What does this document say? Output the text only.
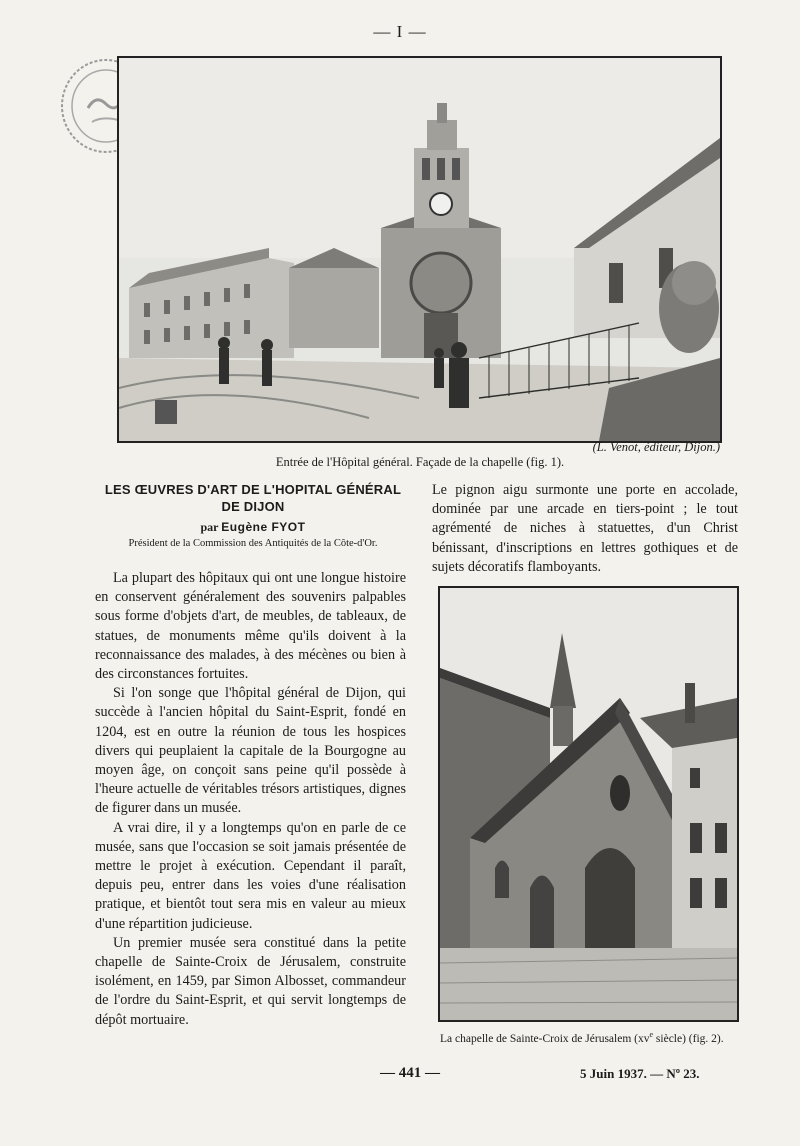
— I —
(L. Venot, éditeur, Dijon.)
Entrée de l'Hôpital général. Façade de la chapelle (fig. 1).
LES ŒUVRES D'ART DE L'HOPITAL GÉNÉRAL DE DIJON
par Eugène FYOT
Président de la Commission des Antiquités de la Côte-d'Or.

La plupart des hôpitaux qui ont une longue histoire en conservent généralement des souvenirs palpables sous forme d'objets d'art, de meubles, de tableaux, de statues, de monuments même qu'ils doivent à la reconnaissance des malades, à des mécènes ou bien à des circonstances fortuites.

Si l'on songe que l'hôpital général de Dijon, qui succède à l'ancien hôpital du Saint-Esprit, fondé en 1204, est en outre la réunion de tous les hospices divers qui peuplaient la capitale de la Bourgogne au moyen âge, on conçoit sans peine qu'il possède à l'heure actuelle de véritables trésors artistiques, dignes de figurer dans un musée.

A vrai dire, il y a longtemps qu'on en parle de ce musée, sans que l'occasion se soit jamais présentée de mettre le projet à exécution. Cependant il paraît, depuis peu, entrer dans les voies d'une réalisation pratique, et bientôt tout sera mis en valeur au mieux d'une répartition judicieuse.

Un premier musée sera constitué dans la petite chapelle de Sainte-Croix de Jérusalem, construite isolément, en 1459, par Simon Albosset, commandeur de l'ordre du Saint-Esprit, et qui servit longtemps de dépôt mortuaire.

Le pignon aigu surmonte une porte en accolade, dominée par une arcade en tiers-point ; le tout agrémenté de niches à statuettes, d'un Christ bénissant, d'inscriptions en lettres gothiques et de sujets décoratifs flamboyants.

La chapelle de Sainte-Croix de Jérusalem ($xv^e$ siècle) (fig. 2).
— 441 —	5 Juin 1937. — Nº 23.
